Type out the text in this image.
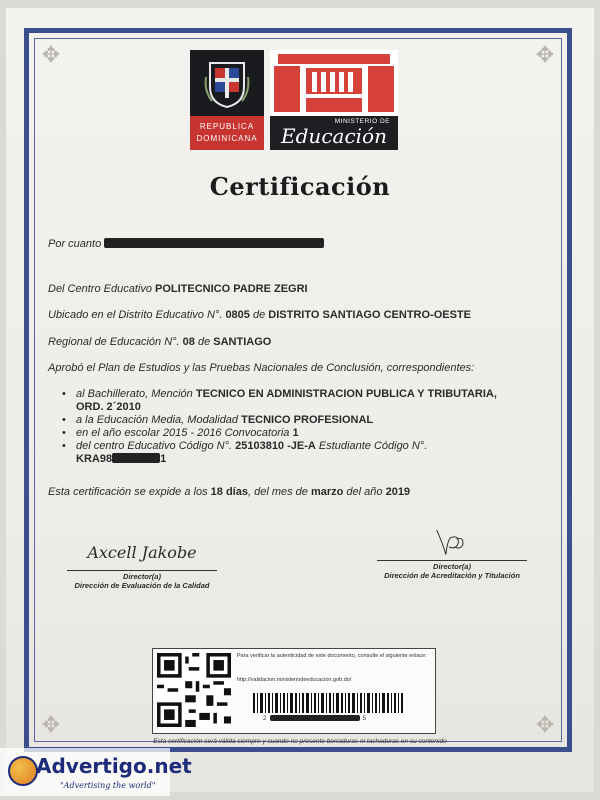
✥	✥
✥	✥
REPUBLICA DOMINICANA
MINISTERIO DE
Educación
Certificación
Por cuanto
Del Centro Educativo POLITECNICO PADRE ZEGRI
Ubicado en el Distrito Educativo N°. 0805 de DISTRITO SANTIAGO CENTRO-OESTE
Regional de Educación N°. 08 de SANTIAGO
Aprobó el Plan de Estudios y las Pruebas Nacionales de Conclusión, correspondientes:
• al Bachillerato, Mención TECNICO EN ADMINISTRACION PUBLICA Y TRIBUTARIA,
ORD. 2´2010
• a la Educación Media, Modalidad TECNICO PROFESIONAL
• en el año escolar 2015 - 2016 Convocatoria 1
• del centro Educativo Código N°. 25103810 -JE-A Estudiante Código N°.
KRA98	1
Esta certificación se expide a los 18 días, del mes de marzo del año 2019
Axcell Jakobe
Director(a)
Dirección de Evaluación de la Calidad
Director(a)
Dirección de Acreditación y Titulación
Para verificar la autenticidad de este documento, consulte el siguiente enlace:
http://validacion.ministeriodeeducacion.gob.do/
2	5
Esta certificación será válida siempre y cuando no presente borraduras ni tachaduras en su contenido
Advertigo.net
"Advertising the world"
